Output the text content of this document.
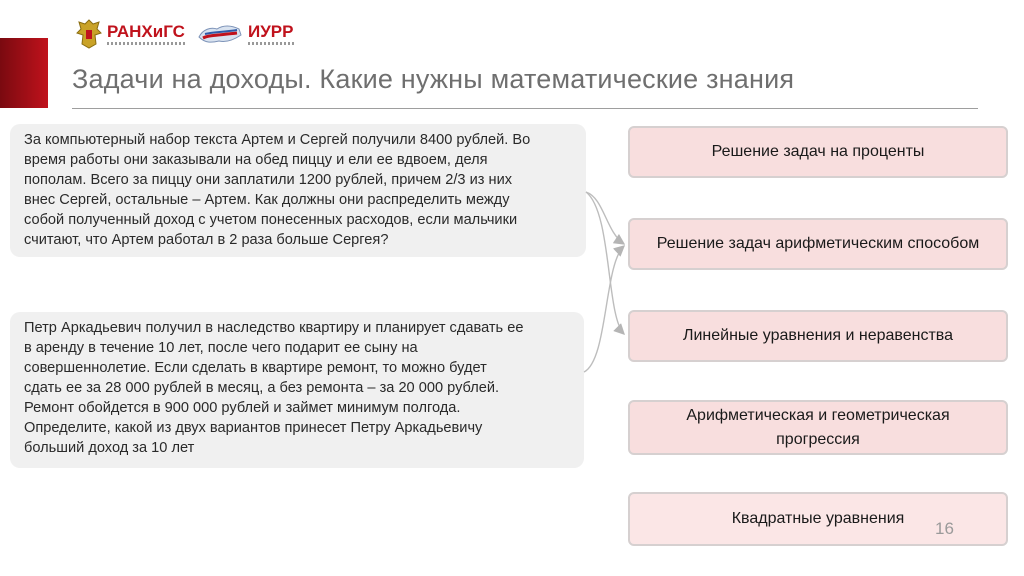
РАНХиГС	ИУРР
Задачи на доходы. Какие нужны математические знания
За компьютерный набор текста Артем и Сергей получили 8400 рублей. Во
время работы они заказывали на обед пиццу и ели ее вдвоем, деля
пополам. Всего за пиццу они заплатили 1200 рублей, причем 2/3 из них
внес Сергей, остальные – Артем. Как должны они распределить между
собой полученный доход с учетом понесенных расходов, если мальчики
считают, что Артем работал в 2 раза больше Сергея?
Петр Аркадьевич получил в наследство квартиру и планирует сдавать ее
в аренду в течение 10 лет, после чего подарит ее сыну на
совершеннолетие. Если сделать в квартире ремонт, то можно будет
сдать ее за 28 000 рублей в месяц, а без ремонта – за 20 000 рублей.
Ремонт обойдется в 900 000 рублей и займет минимум полгода.
Определите, какой из двух вариантов принесет Петру Аркадьевичу
больший доход за 10 лет
Решение задач на проценты
Решение задач арифметическим способом
Линейные уравнения и неравенства
Арифметическая и геометрическая
прогрессия
Квадратные уравнения
16
